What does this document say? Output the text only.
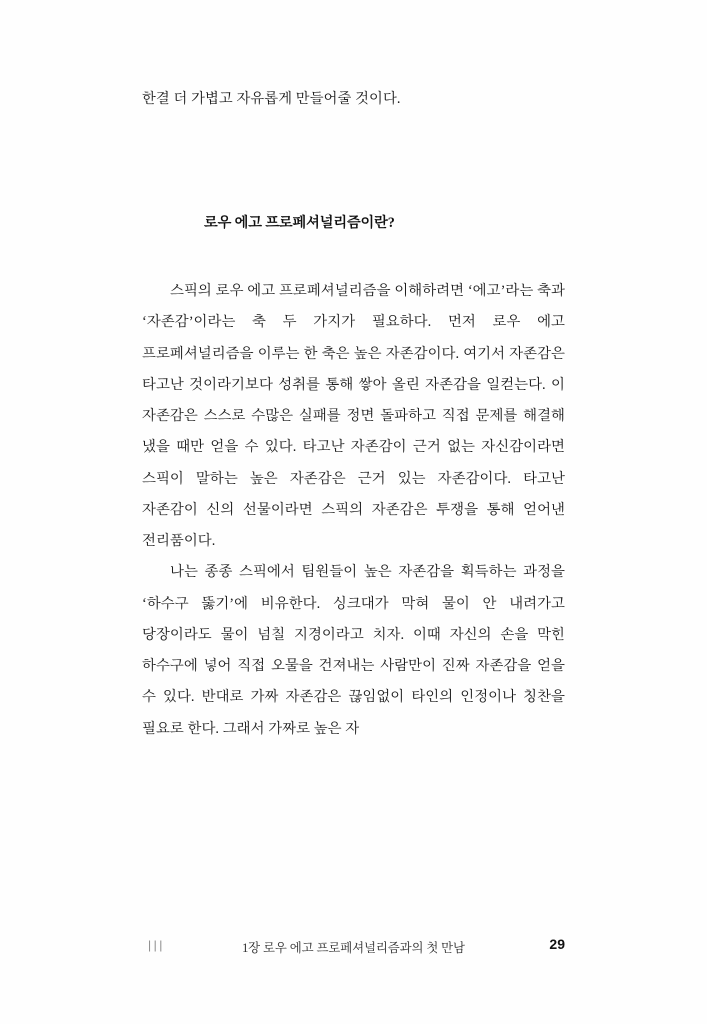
한결 더 가볍고 자유롭게 만들어줄 것이다.

로우 에고 프로페셔널리즘이란?

스픽의 로우 에고 프로페셔널리즘을 이해하려면 ‘에고’라는 축과 ‘자존감’이라는 축 두 가지가 필요하다. 먼저 로우 에고 프로페셔널리즘을 이루는 한 축은 높은 자존감이다. 여기서 자존감은 타고난 것이라기보다 성취를 통해 쌓아 올린 자존감을 일컫는다. 이 자존감은 스스로 수많은 실패를 정면 돌파하고 직접 문제를 해결해 냈을 때만 얻을 수 있다. 타고난 자존감이 근거 없는 자신감이라면 스픽이 말하는 높은 자존감은 근거 있는 자존감이다. 타고난 자존감이 신의 선물이라면 스픽의 자존감은 투쟁을 통해 얻어낸 전리품이다.

나는 종종 스픽에서 팀원들이 높은 자존감을 획득하는 과정을 ‘하수구 뚫기’에 비유한다. 싱크대가 막혀 물이 안 내려가고 당장이라도 물이 넘칠 지경이라고 치자. 이때 자신의 손을 막힌 하수구에 넣어 직접 오물을 건져내는 사람만이 진짜 자존감을 얻을 수 있다. 반대로 가짜 자존감은 끊임없이 타인의 인정이나 칭찬을 필요로 한다. 그래서 가짜로 높은 자

|||	1장 로우 에고 프로페셔널리즘과의 첫 만남	29
